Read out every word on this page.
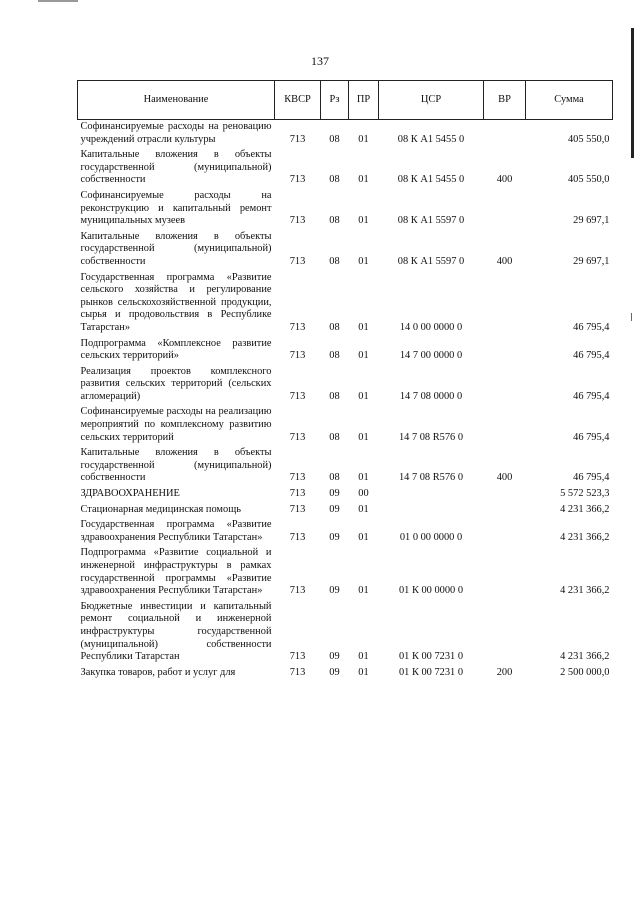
137
Наименование	КВСР	Рз	ПР	ЦСР	ВР	Сумма
Софинансируемые расходы на реновацию учреждений отрасли культуры	713	08	01	08 К А1 5455 0		405 550,0
Капитальные вложения в объекты государственной (муниципальной) собственности	713	08	01	08 К А1 5455 0	400	405 550,0
Софинансируемые расходы на реконструкцию и капитальный ремонт муниципальных музеев	713	08	01	08 К А1 5597 0		29 697,1
Капитальные вложения в объекты государственной (муниципальной) собственности	713	08	01	08 К А1 5597 0	400	29 697,1
Государственная программа «Развитие сельского хозяйства и регулирование рынков сельскохозяйственной продукции, сырья и продовольствия в Республике Татарстан»	713	08	01	14 0 00 0000 0		46 795,4
Подпрограмма «Комплексное развитие сельских территорий»	713	08	01	14 7 00 0000 0		46 795,4
Реализация проектов комплексного развития сельских территорий (сельских агломераций)	713	08	01	14 7 08 0000 0		46 795,4
Софинансируемые расходы на реализацию мероприятий по комплексному развитию сельских территорий	713	08	01	14 7 08 R576 0		46 795,4
Капитальные вложения в объекты государственной (муниципальной) собственности	713	08	01	14 7 08 R576 0	400	46 795,4
ЗДРАВООХРАНЕНИЕ	713	09	00			5 572 523,3
Стационарная медицинская помощь	713	09	01			4 231 366,2
Государственная программа «Развитие здравоохранения Республики Татарстан»	713	09	01	01 0 00 0000 0		4 231 366,2
Подпрограмма «Развитие социальной и инженерной инфраструктуры в рамках государственной программы «Развитие здравоохранения Республики Татарстан»	713	09	01	01 К 00 0000 0		4 231 366,2
Бюджетные инвестиции и капитальный ремонт социальной и инженерной инфраструктуры государственной (муниципальной) собственности Республики Татарстан	713	09	01	01 К 00 7231 0		4 231 366,2
Закупка товаров, работ и услуг для	713	09	01	01 К 00 7231 0	200	2 500 000,0
